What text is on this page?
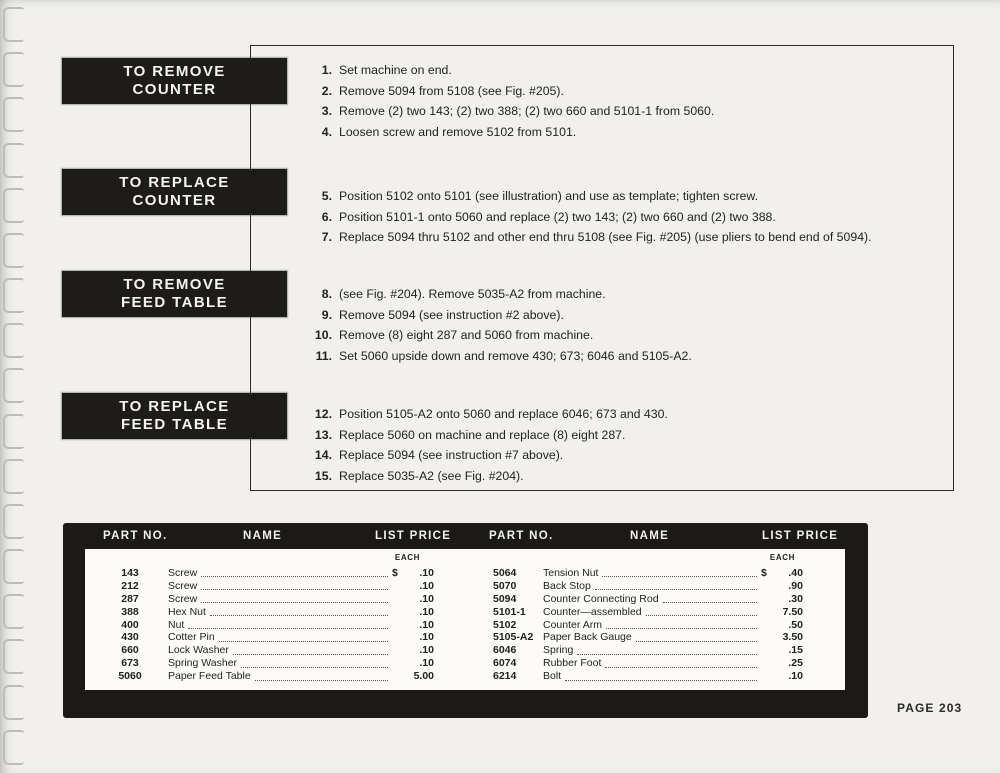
TO REMOVE
COUNTER
TO REPLACE
COUNTER
TO REMOVE
FEED TABLE
TO REPLACE
FEED TABLE
1. Set machine on end.
2. Remove 5094 from 5108 (see Fig. #205).
3. Remove (2) two 143; (2) two 388; (2) two 660 and 5101-1 from 5060.
4. Loosen screw and remove 5102 from 5101.
5. Position 5102 onto 5101 (see illustration) and use as template; tighten screw.
6. Position 5101-1 onto 5060 and replace (2) two 143; (2) two 660 and (2) two 388.
7. Replace 5094 thru 5102 and other end thru 5108 (see Fig. #205) (use pliers to bend end of 5094).
8. (see Fig. #204). Remove 5035-A2 from machine.
9. Remove 5094 (see instruction #2 above).
10. Remove (8) eight 287 and 5060 from machine.
11. Set 5060 upside down and remove 430; 673; 6046 and 5105-A2.
12. Position 5105-A2 onto 5060 and replace 6046; 673 and 430.
13. Replace 5060 on machine and replace (8) eight 287.
14. Replace 5094 (see instruction #7 above).
15. Replace 5035-A2 (see Fig. #204).
PART NO.	NAME	LIST PRICE	PART NO.	NAME	LIST PRICE
EACH
143	Screw	$	.10
212	Screw	.10
287	Screw	.10
388	Hex Nut	.10
400	Nut	.10
430	Cotter Pin	.10
660	Lock Washer	.10
673	Spring Washer	.10
5060	Paper Feed Table	5.00
EACH
5064	Tension Nut	$	.40
5070	Back Stop	.90
5094	Counter Connecting Rod	.30
5101-1	Counter—assembled	7.50
5102	Counter Arm	.50
5105-A2 Paper Back Gauge	3.50
6046	Spring	.15
6074	Rubber Foot	.25
6214	Bolt	.10
PAGE 203
